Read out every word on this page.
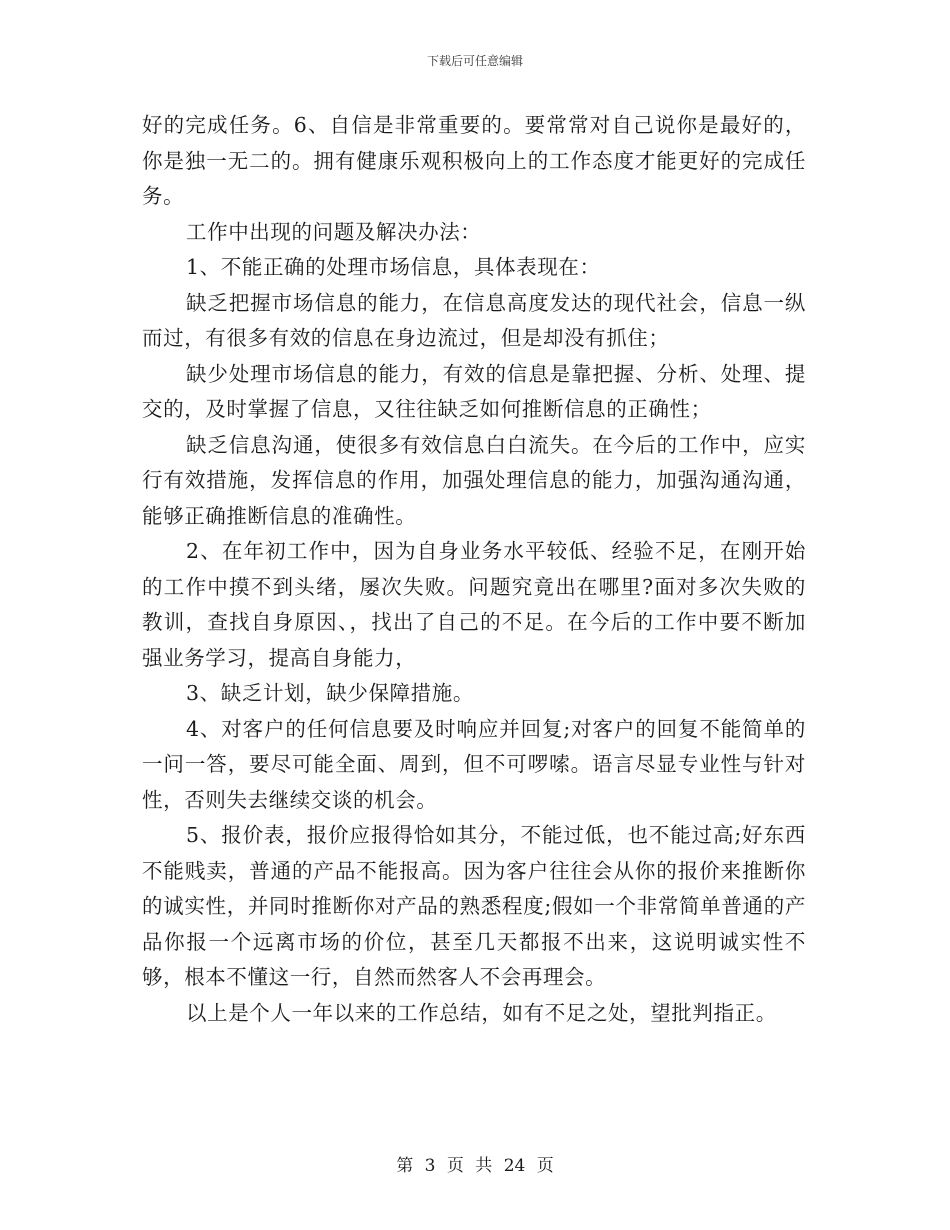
下载后可任意编辑

好的完成任务。6、自信是非常重要的。要常常对自己说你是最好的，你是独一无二的。拥有健康乐观积极向上的工作态度才能更好的完成任务。

工作中出现的问题及解决办法：

1、不能正确的处理市场信息，具体表现在：

缺乏把握市场信息的能力，在信息高度发达的现代社会，信息一纵而过，有很多有效的信息在身边流过，但是却没有抓住；

缺少处理市场信息的能力，有效的信息是靠把握、分析、处理、提交的，及时掌握了信息，又往往缺乏如何推断信息的正确性；

缺乏信息沟通，使很多有效信息白白流失。在今后的工作中，应实行有效措施，发挥信息的作用，加强处理信息的能力，加强沟通沟通，能够正确推断信息的准确性。

2、在年初工作中，因为自身业务水平较低、经验不足，在刚开始的工作中摸不到头绪，屡次失败。问题究竟出在哪里?面对多次失败的教训，查找自身原因、，找出了自己的不足。在今后的工作中要不断加强业务学习，提高自身能力，

3、缺乏计划，缺少保障措施。

4、对客户的任何信息要及时响应并回复;对客户的回复不能简单的一问一答，要尽可能全面、周到，但不可啰嗦。语言尽显专业性与针对性，否则失去继续交谈的机会。

5、报价表，报价应报得恰如其分，不能过低，也不能过高;好东西不能贱卖，普通的产品不能报高。因为客户往往会从你的报价来推断你的诚实性，并同时推断你对产品的熟悉程度;假如一个非常简单普通的产品你报一个远离市场的价位，甚至几天都报不出来，这说明诚实性不够，根本不懂这一行，自然而然客人不会再理会。

以上是个人一年以来的工作总结，如有不足之处，望批判指正。

第 3 页 共 24 页
